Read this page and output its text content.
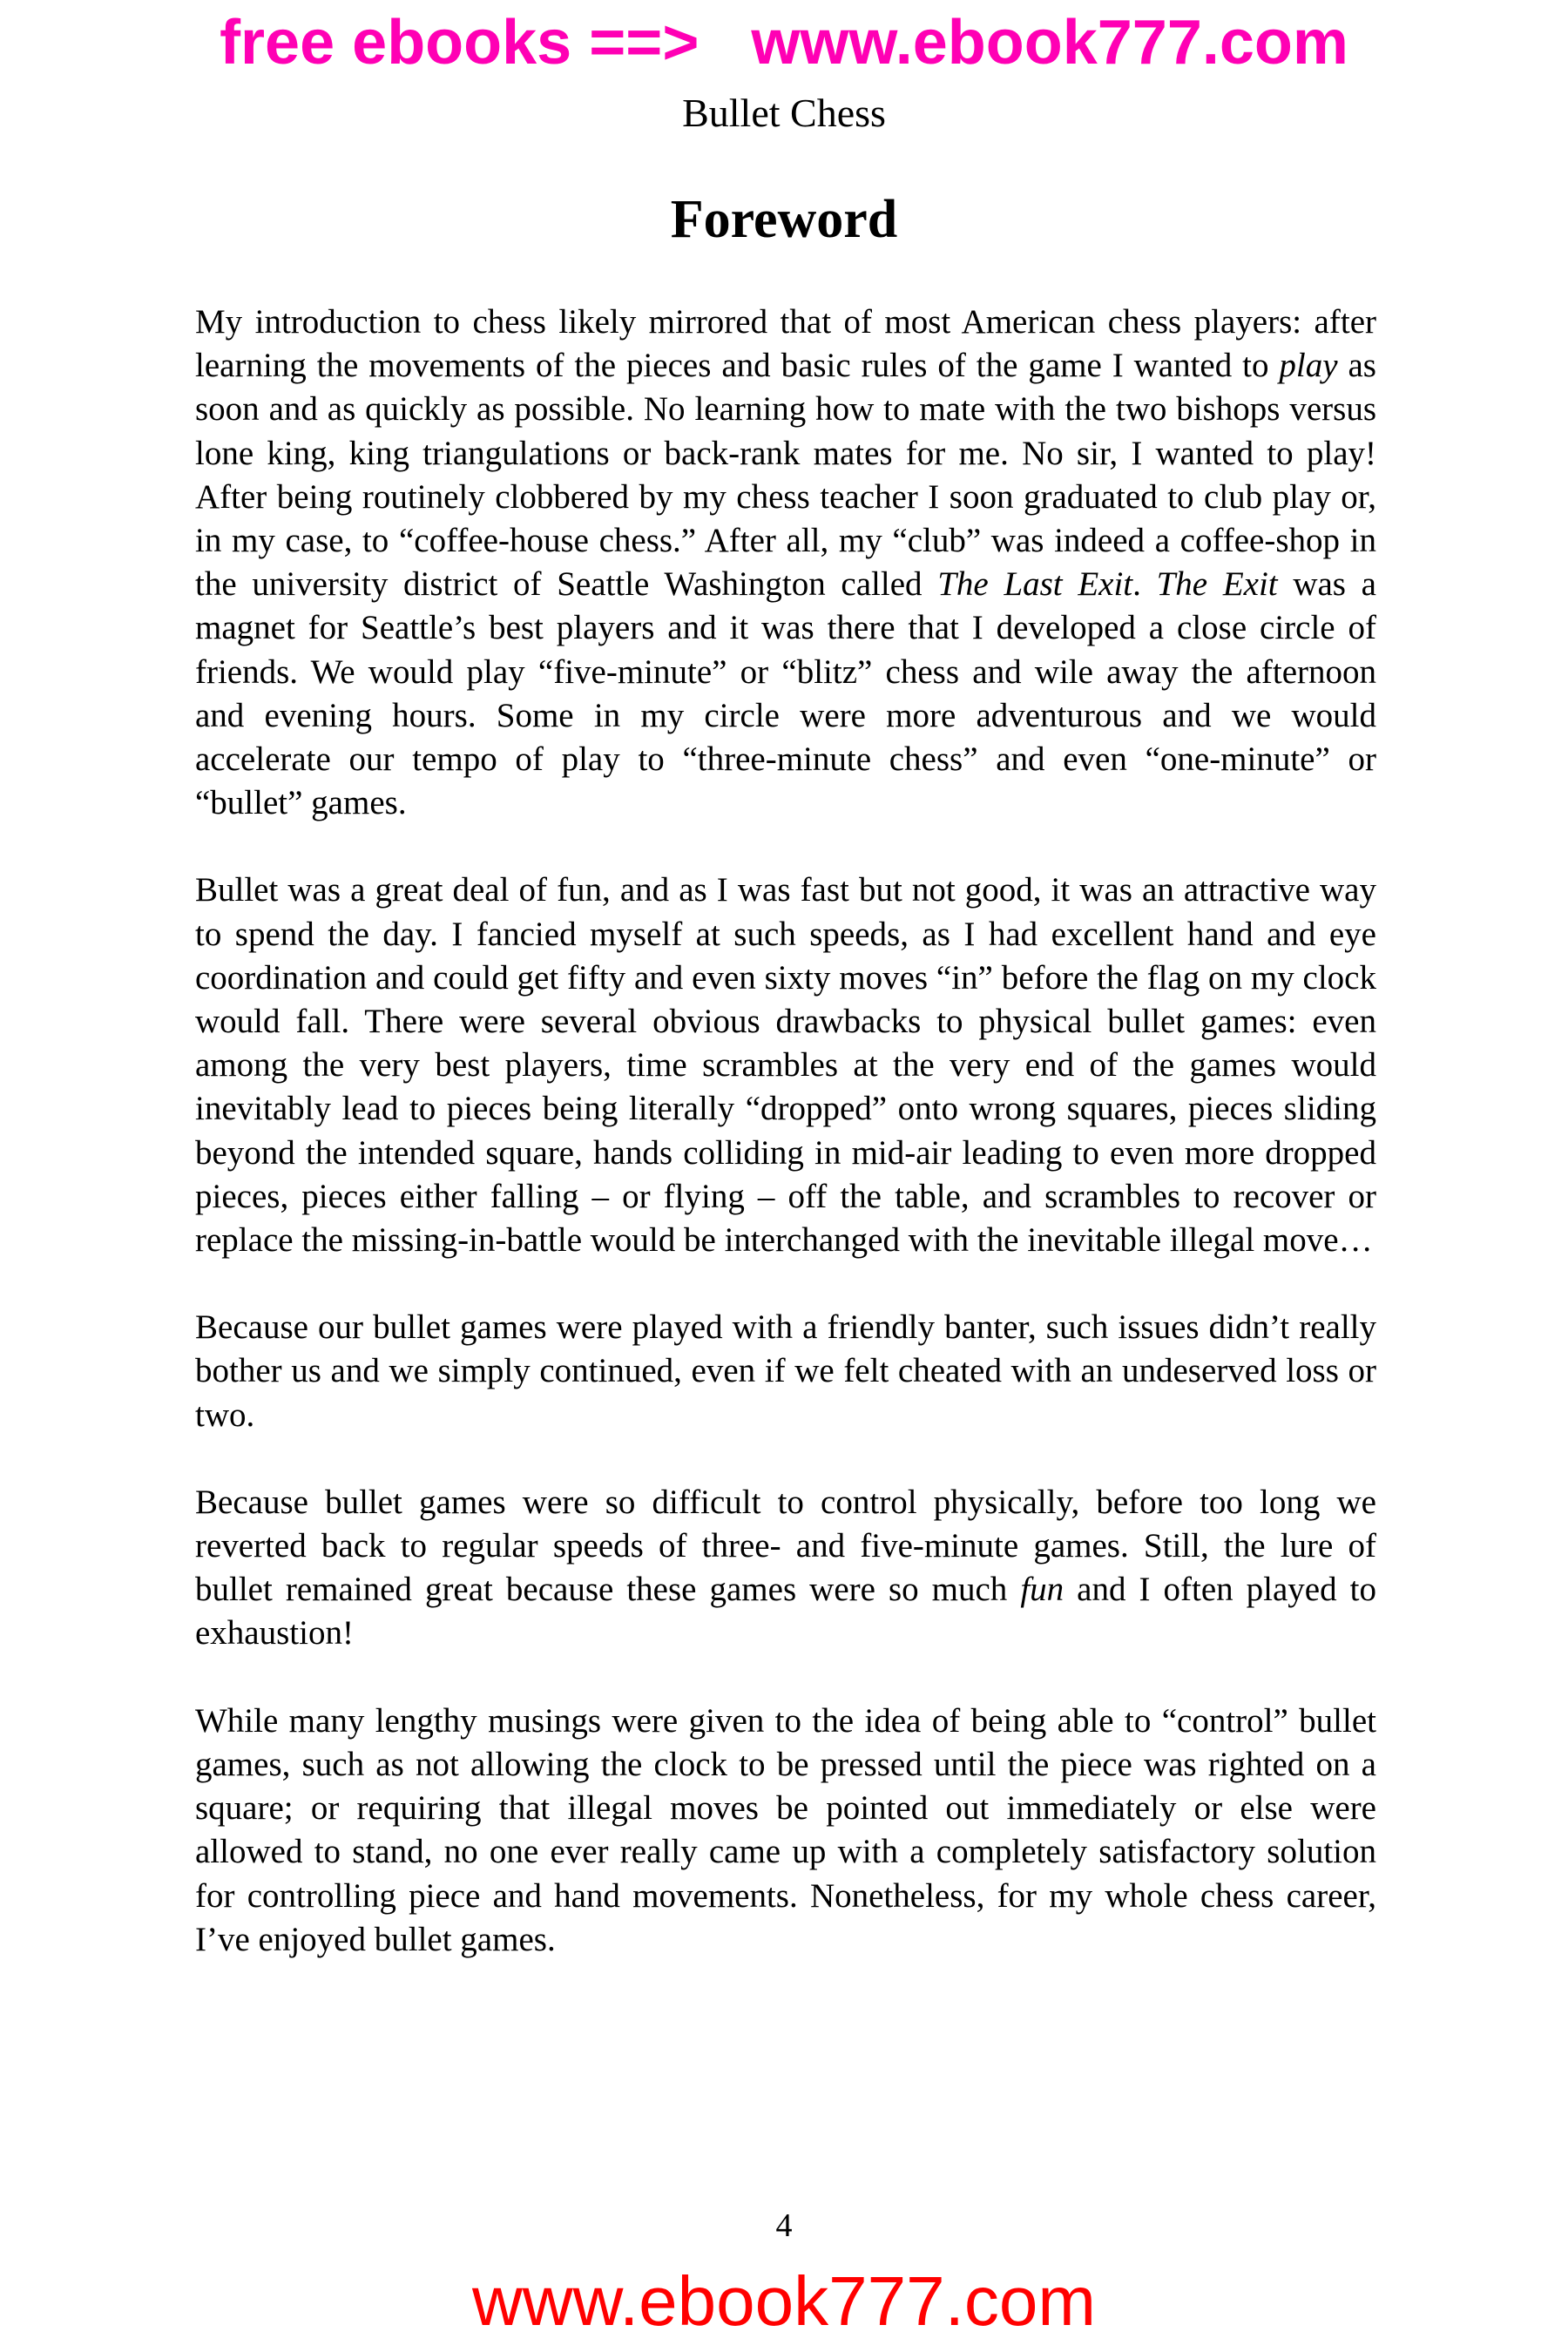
free ebooks ==>   www.ebook777.com
Bullet Chess
Foreword

My introduction to chess likely mirrored that of most American chess players: after learning the movements of the pieces and basic rules of the game I wanted to play as soon and as quickly as possible. No learning how to mate with the two bishops versus lone king, king triangulations or back-rank mates for me. No sir, I wanted to play! After being routinely clobbered by my chess teacher I soon graduated to club play or, in my case, to “coffee-house chess.” After all, my “club” was indeed a coffee-shop in the university district of Seattle Washington called The Last Exit. The Exit was a magnet for Seattle’s best players and it was there that I developed a close circle of friends. We would play “five-minute” or “blitz” chess and wile away the afternoon and evening hours. Some in my circle were more adventurous and we would accelerate our tempo of play to “three-minute chess” and even “one-minute” or “bullet” games.

Bullet was a great deal of fun, and as I was fast but not good, it was an attractive way to spend the day. I fancied myself at such speeds, as I had excellent hand and eye coordination and could get fifty and even sixty moves “in” before the flag on my clock would fall. There were several obvious drawbacks to physical bullet games: even among the very best players, time scrambles at the very end of the games would inevitably lead to pieces being literally “dropped” onto wrong squares, pieces sliding beyond the intended square, hands colliding in mid-air leading to even more dropped pieces, pieces either falling – or flying – off the table, and scrambles to recover or replace the missing-in-battle would be interchanged with the inevitable illegal move…

Because our bullet games were played with a friendly banter, such issues didn’t really bother us and we simply continued, even if we felt cheated with an undeserved loss or two.

Because bullet games were so difficult to control physically, before too long we reverted back to regular speeds of three- and five-minute games. Still, the lure of bullet remained great because these games were so much fun and I often played to exhaustion!

While many lengthy musings were given to the idea of being able to “control” bullet games, such as not allowing the clock to be pressed until the piece was righted on a square; or requiring that illegal moves be pointed out immediately or else were allowed to stand, no one ever really came up with a completely satisfactory solution for controlling piece and hand movements. Nonetheless, for my whole chess career, I’ve enjoyed bullet games.

4
www.ebook777.com
